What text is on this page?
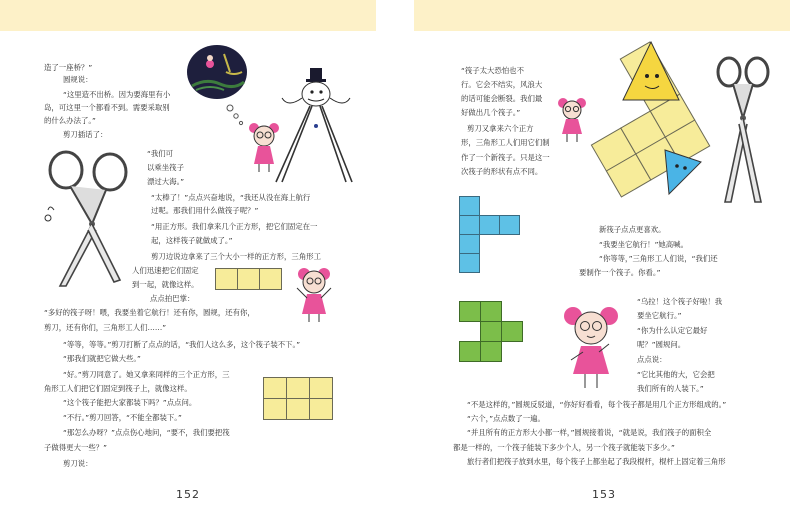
造了一座桥？”
圆规说：
“这里造不出桥。因为要海里有小
岛，可这里一个都看不到。需要采取别
的什么办法了。”
剪刀插话了：
“我们可
以乘坐筏子
漂过大海。”
“太棒了！”点点兴奋地说，“我还从没在海上航行
过呢。那我们用什么做筏子呢？”
“用正方形。我们拿来几个正方形，把它们固定在一
起，这样筏子就做成了。”
剪刀边说边拿来了三个大小一样的正方形，三角形工
人们迅速把它们固定
到一起，就像这样。
点点拍巴掌：
“多好的筏子呀！喂，我要坐着它航行！还有你，圆规，还有你，
剪刀，还有你们，三角形工人们……”
“等等，等等。”剪刀打断了点点的话，“我们人这么多，这个筏子装不下。”
“那我们就把它做大些。”
“好。”剪刀同意了。她又拿来同样的三个正方形，三
角形工人们把它们固定到筏子上，就像这样。
“这个筏子能把大家都装下吗？”点点问。
“不行。”剪刀回答，“不能全都装下。”
“那怎么办呀？”点点伤心地问，“要不，我们要把筏
子做得更大一些？”
剪刀说：
152
“筏子太大恐怕也不
行。它会不结实，风浪大
的话可能会断裂。我们最
好做出几个筏子。”
剪刀又拿来六个正方
形，三角形工人们用它们制
作了一个新筏子。只是这一
次筏子的形状有点不同。
新筏子点点更喜欢。
“我要坐它航行！”她高喊。
“你等等，”三角形工人们说，“我们还
要制作一个筏子。你看。”
“乌拉！这个筏子好啦！我
要坐它航行。”
“你为什么认定它最好
呢？”圆规问。
点点说：
“它比其他的大，它会把
我们所有的人装下。”
“不是这样的，”圆规反驳道，“你好好看看，每个筏子都是用几个正方形组成的。”
“六个，”点点数了一遍。
“并且所有的正方形大小都一样，”圆规接着说，“就是说，我们筏子的面积全
都是一样的，一个筏子能装下多少个人，另一个筏子就能装下多少。”
旅行者们把筏子放到水里，每个筏子上都坐起了我段棍杆，棍杆上固定着三角形
153
